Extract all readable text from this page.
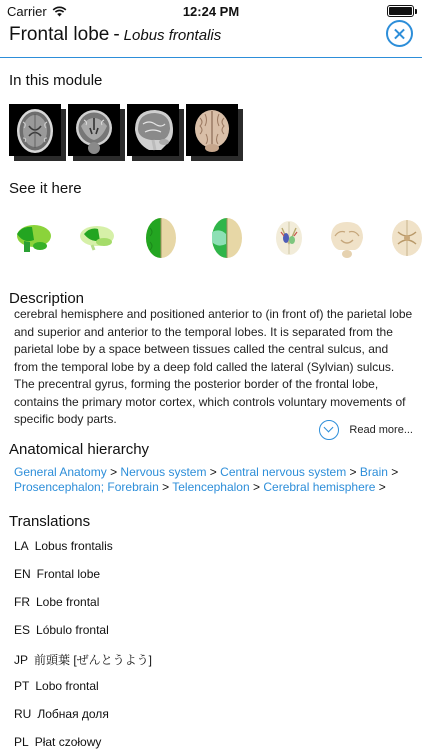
Carrier	12:24 PM
Frontal lobe - Lobus frontalis
In this module
See it here
Description
cerebral hemisphere and positioned anterior to (in front of) the parietal lobe and superior and anterior to the temporal lobes. It is separated from the parietal lobe by a space between tissues called the central sulcus, and from the temporal lobe by a deep fold called the lateral (Sylvian) sulcus. The precentral gyrus, forming the posterior border of the frontal lobe, contains the primary motor cortex, which controls voluntary movements of specific body parts.
Read more...
Anatomical hierarchy
General Anatomy > Nervous system > Central nervous system > Brain >
Prosencephalon; Forebrain > Telencephalon > Cerebral hemisphere >
Translations
LA Lobus frontalis
EN Frontal lobe
FR Lobe frontal
ES Lóbulo frontal
JP 前頭葉 [ぜんとうよう]
PT Lobo frontal
RU Лобная доля
PL Płat czołowy
